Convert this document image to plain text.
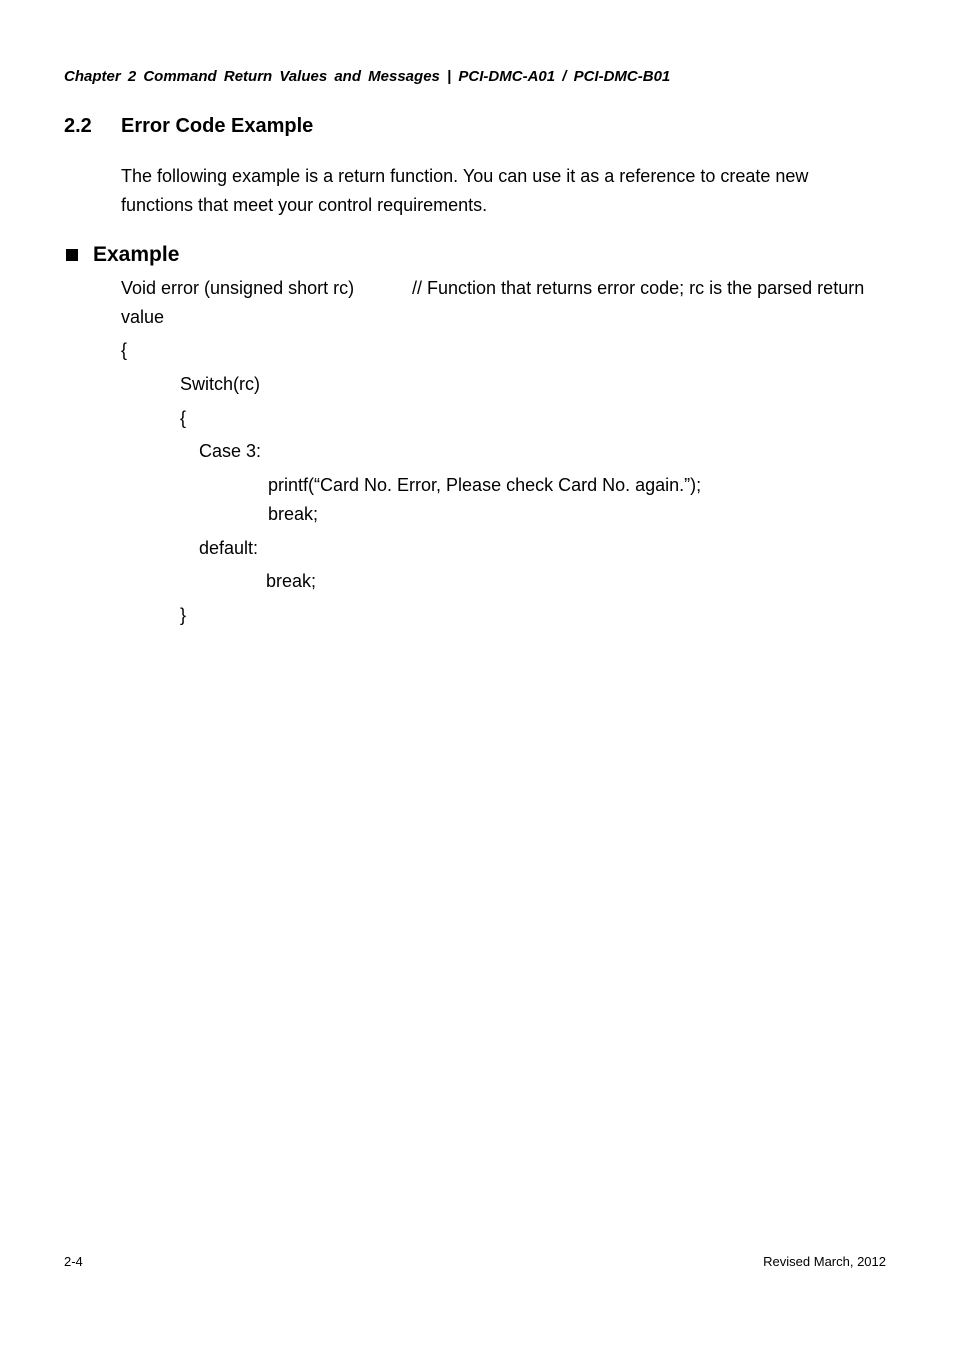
Chapter 2 Command Return Values and Messages | PCI-DMC-A01 / PCI-DMC-B01
2.2 Error Code Example
The following example is a return function. You can use it as a reference to create new
functions that meet your control requirements.
Example
Void error (unsigned short rc)	// Function that returns error code; rc is the parsed return
value
{
Switch(rc)
{
Case 3:
printf(“Card No. Error, Please check Card No. again.”);
break;
default:
break;
}
2-4	Revised March, 2012
